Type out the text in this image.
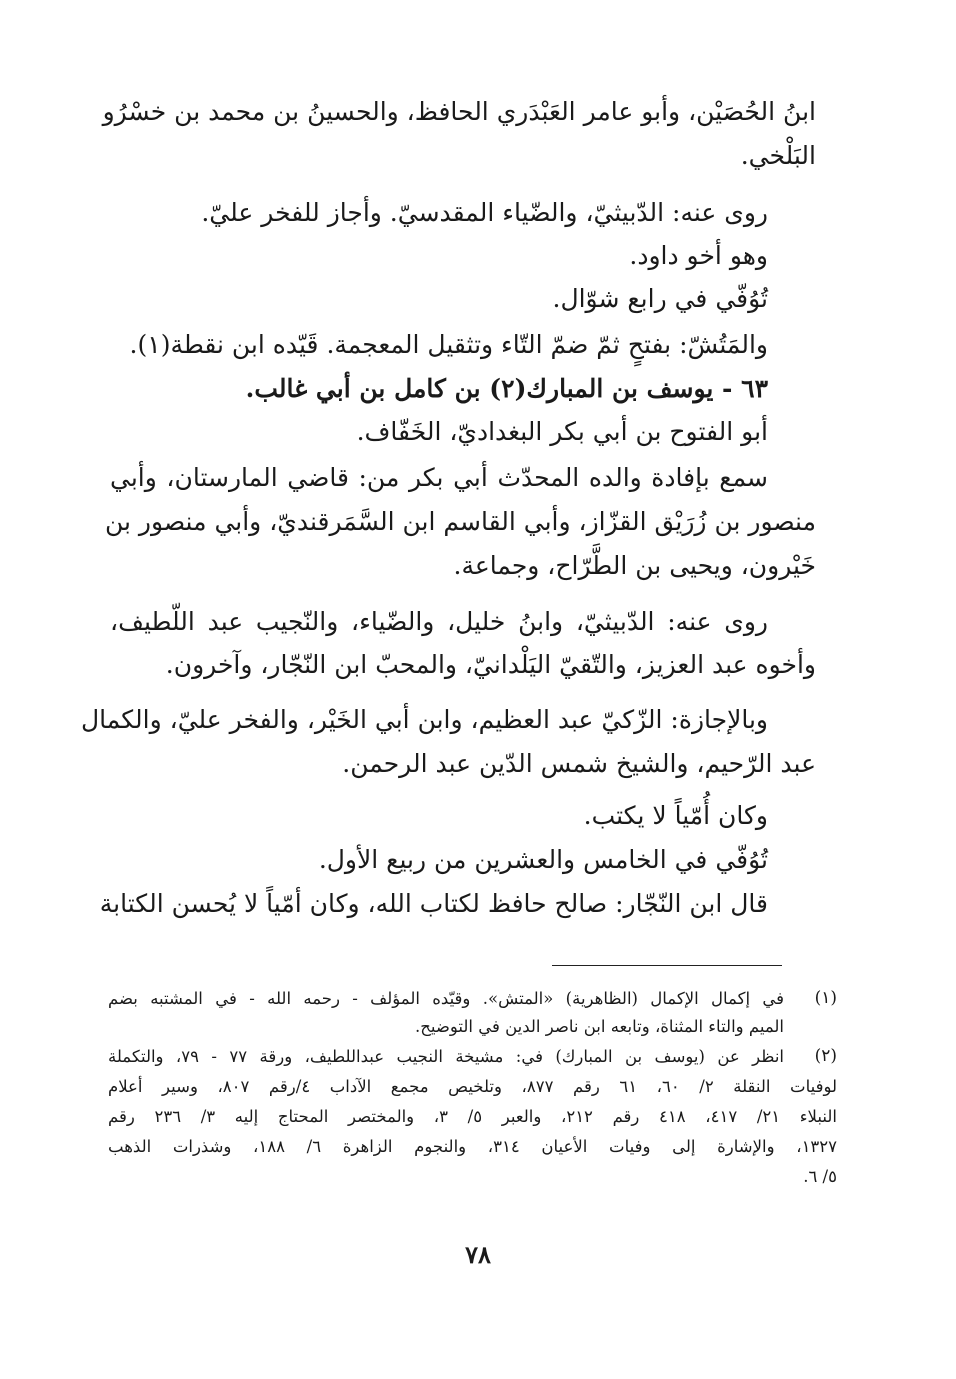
ابنُ الحُصَيْن، وأبو عامر العَبْدَري الحافظ، والحسينُ بن محمد بن خسْرُو
البَلْخي.
روى عنه: الدّبيثيّ، والضّياء المقدسيّ. وأجاز للفخر عليّ.
وهو أخو داود.
تُوُفّي في رابع شوّال.
والمَتُشّ: بفتحٍ ثمّ ضمّ التّاء وتثقيل المعجمة. قَيّده ابن نقطة(١).
٦٣ - يوسف بن المبارك(٢) بن كامل بن أبي غالب.
أبو الفتوح بن أبي بكر البغداديّ، الخَفّاف.
سمع بإفادة والده المحدّث أبي بكر من: قاضي المارستان، وأبي
منصور بن زُرَيْق القزّاز، وأبي القاسم ابن السَّمَرقنديّ، وأبي منصور بن
خَيْرون، ويحيى بن الطَّرّاح، وجماعة.
روى عنه: الدّبيثيّ، وابنُ خليل، والضّياء، والنّجيب عبد اللّطيف،
وأخوه عبد العزيز، والتّقيّ اليَلْدانيّ، والمحبّ ابن النّجّار، وآخرون.
وبالإجازة: الزّكيّ عبد العظيم، وابن أبي الخَيْر، والفخر عليّ، والكمال
عبد الرّحيم، والشيخ شمس الدّين عبد الرحمن.
وكان أُمّياً لا يكتب.
تُوُفّي في الخامس والعشرين من ربيع الأول.
قال ابن النّجّار: صالح حافظ لكتاب الله، وكان أمّياً لا يُحسن الكتابة
(١)
في إكمال الإكمال (الظاهرية) «المتش». وقيّده المؤلف - رحمه الله - في المشتبه بضم
الميم والتاء المثناة، وتابعه ابن ناصر الدين في التوضيح.
(٢)
انظر عن (يوسف بن المبارك) في: مشيخة النجيب عبداللطيف، ورقة ٧٧ - ٧٩، والتكملة
لوفيات النقلة ٢/ ٦٠، ٦١ رقم ٨٧٧، وتلخيص مجمع الآداب ٤/رقم ٨٠٧، وسير أعلام
النبلاء ٢١/ ٤١٧، ٤١٨ رقم ٢١٢، والعبر ٥/ ٣، والمختصر المحتاج إليه ٣/ ٢٣٦ رقم
١٣٢٧، والإشارة إلى وفيات الأعيان ٣١٤، والنجوم الزاهرة ٦/ ١٨٨، وشذرات الذهب
٥/ ٦.
٧٨
